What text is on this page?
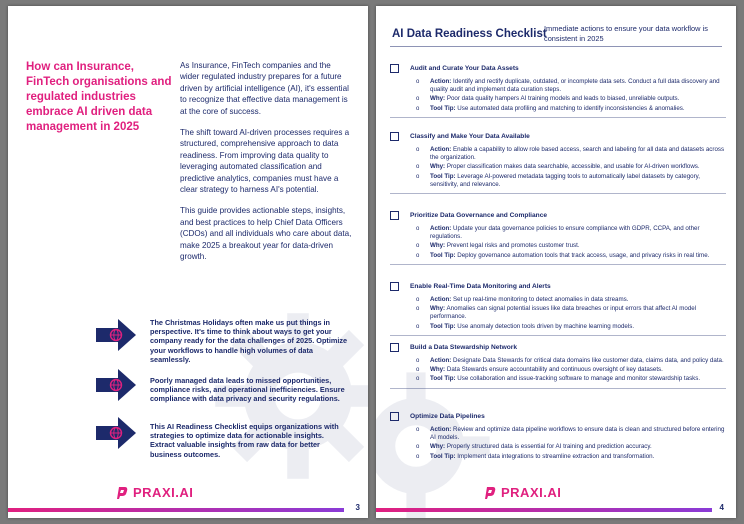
How can Insurance, FinTech organisations and regulated industries embrace AI driven data management in 2025

As Insurance, FinTech companies and the wider regulated industry prepares for a future driven by artificial intelligence (AI), it's essential to recognize that effective data management is at the core of success.

The shift toward AI-driven processes requires a structured, comprehensive approach to data readiness. From improving data quality to leveraging automated classification and predictive analytics, companies must have a clear strategy to harness AI's potential.

This guide provides actionable steps, insights, and best practices to help Chief Data Officers (CDOs) and all individuals who care about data, make 2025 a breakout year for data-driven growth.

The Christmas Holidays often make us put things in perspective. It's time to think about ways to get your company ready for the data challenges of 2025. Optimize your workflows to handle high volumes of data seamlessly.
Poorly managed data leads to missed opportunities, compliance risks, and operational inefficiencies. Ensure compliance with data privacy and security regulations.
This AI Readiness Checklist equips organizations with strategies to optimize data for actionable insights. Extract valuable insights from raw data for better business outcomes.
PRAXI.AI
3
AI Data Readiness Checklist
Immediate actions to ensure your data workflow is consistent in 2025
Audit and Curate Your Data Assets
o Action: Identify and rectify duplicate, outdated, or incomplete data sets. Conduct a full data discovery and quality audit and implement data curation steps.
o Why: Poor data quality hampers AI training models and leads to biased, unreliable outputs.
o Tool Tip: Use automated data profiling and matching to identify inconsistencies & anomalies.
Classify and Make Your Data Available
o Action: Enable a capability to allow role based access, search and labeling for all data and datasets across the organization.
o Why: Proper classification makes data searchable, accessible, and usable for AI-driven workflows.
o Tool Tip: Leverage AI-powered metadata tagging tools to automatically label datasets by category, sensitivity, and relevance.
Prioritize Data Governance and Compliance
o Action: Update your data governance policies to ensure compliance with GDPR, CCPA, and other regulations.
o Why: Prevent legal risks and promotes customer trust.
o Tool Tip: Deploy governance automation tools that track access, usage, and privacy risks in real time.
Enable Real-Time Data Monitoring and Alerts
o Action: Set up real-time monitoring to detect anomalies in data streams.
o Why: Anomalies can signal potential issues like data breaches or input errors that affect AI model performance.
o Tool Tip: Use anomaly detection tools driven by machine learning models.
Build a Data Stewardship Network
o Action: Designate Data Stewards for critical data domains like customer data, claims data, and policy data.
o Why: Data Stewards ensure accountability and continuous oversight of key datasets.
o Tool Tip: Use collaboration and issue-tracking software to manage and monitor stewardship tasks.
Optimize Data Pipelines
o Action: Review and optimize data pipeline workflows to ensure data is clean and structured before entering AI models.
o Why: Properly structured data is essential for AI training and prediction accuracy.
o Tool Tip: Implement data integrations to streamline extraction and transformation.
PRAXI.AI
4
